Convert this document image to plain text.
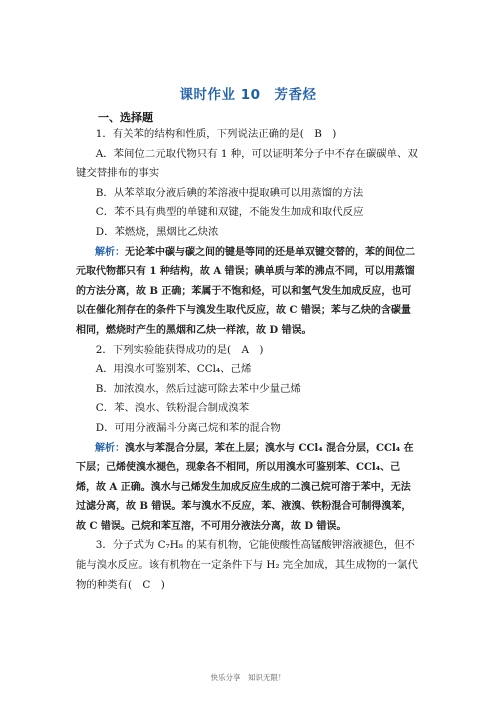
课时作业 10　芳香烃
一、选择题

1．有关苯的结构和性质，下列说法正确的是(　B　)

A．苯间位二元取代物只有 1 种，可以证明苯分子中不存在碳碳单、双键交替排布的事实

B．从苯萃取分液后碘的苯溶液中提取碘可以用蒸馏的方法

C．苯不具有典型的单键和双键，不能发生加成和取代反应

D．苯燃烧，黑烟比乙炔浓

解析：无论苯中碳与碳之间的键是等同的还是单双键交替的，苯的间位二元取代物都只有 1 种结构，故 A 错误；碘单质与苯的沸点不同，可以用蒸馏的方法分离，故 B 正确；苯属于不饱和烃，可以和氢气发生加成反应，也可以在催化剂存在的条件下与溴发生取代反应，故 C 错误；苯与乙炔的含碳量相同，燃烧时产生的黑烟和乙炔一样浓，故 D 错误。

2．下列实验能获得成功的是(　A　)

A．用溴水可鉴别苯、CCl₄、己烯

B．加浓溴水，然后过滤可除去苯中少量己烯

C．苯、溴水、铁粉混合制成溴苯

D．可用分液漏斗分离己烷和苯的混合物

解析：溴水与苯混合分层，苯在上层；溴水与 CCl₄ 混合分层，CCl₄ 在下层；己烯使溴水褪色，现象各不相同，所以用溴水可鉴别苯、CCl₄、己烯，故 A 正确。溴水与己烯发生加成反应生成的二溴己烷可溶于苯中，无法过滤分离，故 B 错误。苯与溴水不反应，苯、液溴、铁粉混合可制得溴苯，故 C 错误。己烷和苯互溶，不可用分液法分离，故 D 错误。

3．分子式为 C₇H₈ 的某有机物，它能使酸性高锰酸钾溶液褪色，但不能与溴水反应。该有机物在一定条件下与 H₂ 完全加成，其生成物的一氯代物的种类有(　C　)

快乐分享　知识无限！
